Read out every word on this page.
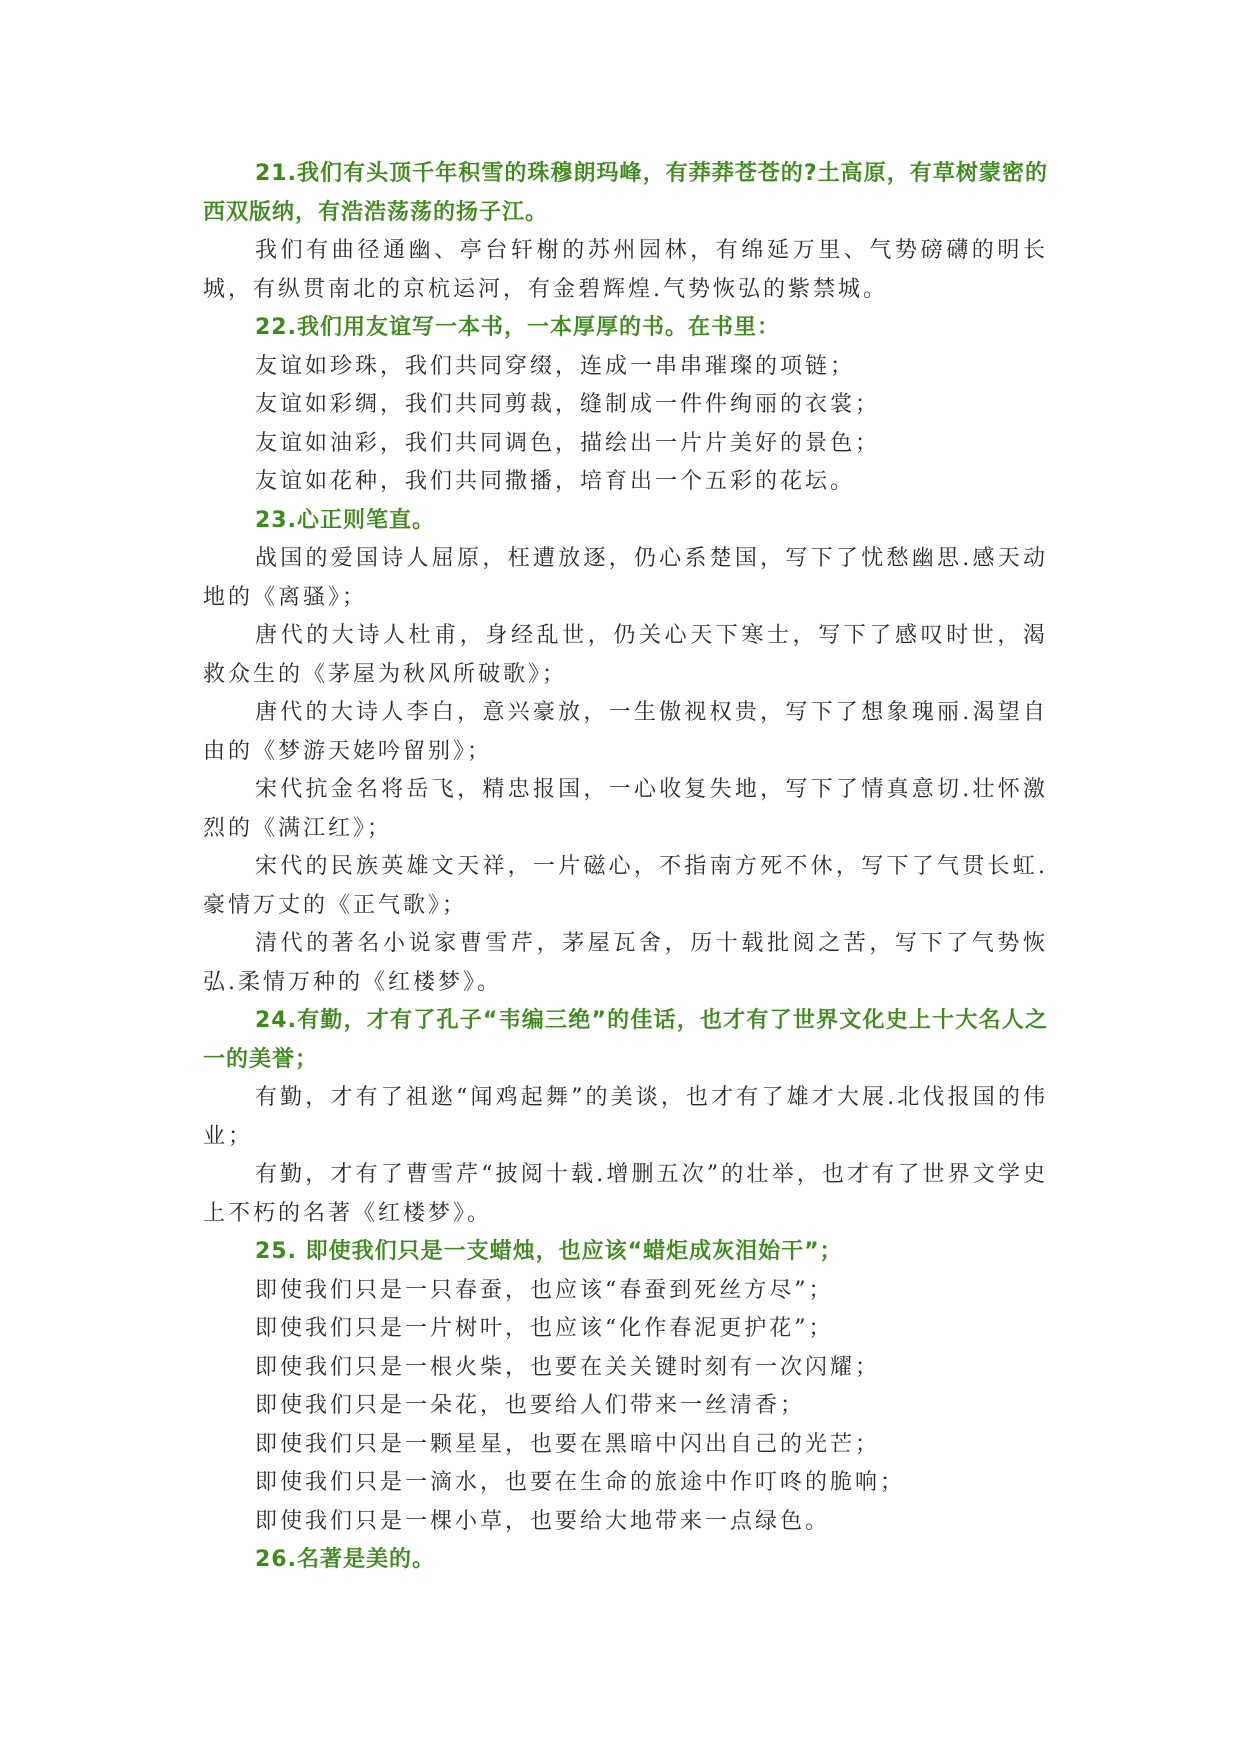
21.我们有头顶千年积雪的珠穆朗玛峰，有莽莽苍苍的?土高原，有草树蒙密的西双版纳，有浩浩荡荡的扬子江。

我们有曲径通幽、亭台轩榭的苏州园林，有绵延万里、气势磅礴的明长城，有纵贯南北的京杭运河，有金碧辉煌.气势恢弘的紫禁城。

22.我们用友谊写一本书，一本厚厚的书。在书里：

友谊如珍珠，我们共同穿缀，连成一串串璀璨的项链；

友谊如彩绸，我们共同剪裁，缝制成一件件绚丽的衣裳；

友谊如油彩，我们共同调色，描绘出一片片美好的景色；

友谊如花种，我们共同撒播，培育出一个五彩的花坛。

23.心正则笔直。

战国的爱国诗人屈原，枉遭放逐，仍心系楚国，写下了忧愁幽思.感天动地的《离骚》；

唐代的大诗人杜甫，身经乱世，仍关心天下寒士，写下了感叹时世，渴救众生的《茅屋为秋风所破歌》；

唐代的大诗人李白，意兴豪放，一生傲视权贵，写下了想象瑰丽.渴望自由的《梦游天姥吟留别》；

宋代抗金名将岳飞，精忠报国，一心收复失地，写下了情真意切.壮怀激烈的《满江红》；

宋代的民族英雄文天祥，一片磁心，不指南方死不休，写下了气贯长虹.豪情万丈的《正气歌》；

清代的著名小说家曹雪芹，茅屋瓦舍，历十载批阅之苦，写下了气势恢弘.柔情万种的《红楼梦》。

24.有勤，才有了孔子“韦编三绝”的佳话，也才有了世界文化史上十大名人之一的美誉；

有勤，才有了祖逖“闻鸡起舞”的美谈，也才有了雄才大展.北伐报国的伟业；

有勤，才有了曹雪芹“披阅十载.增删五次”的壮举，也才有了世界文学史上不朽的名著《红楼梦》。

25. 即使我们只是一支蜡烛，也应该“蜡炬成灰泪始干”；

即使我们只是一只春蚕，也应该“春蚕到死丝方尽”；

即使我们只是一片树叶，也应该“化作春泥更护花”；

即使我们只是一根火柴，也要在关关键时刻有一次闪耀；

即使我们只是一朵花，也要给人们带来一丝清香；

即使我们只是一颗星星，也要在黑暗中闪出自己的光芒；

即使我们只是一滴水，也要在生命的旅途中作叮咚的脆响；

即使我们只是一棵小草，也要给大地带来一点绿色。

26.名著是美的。
